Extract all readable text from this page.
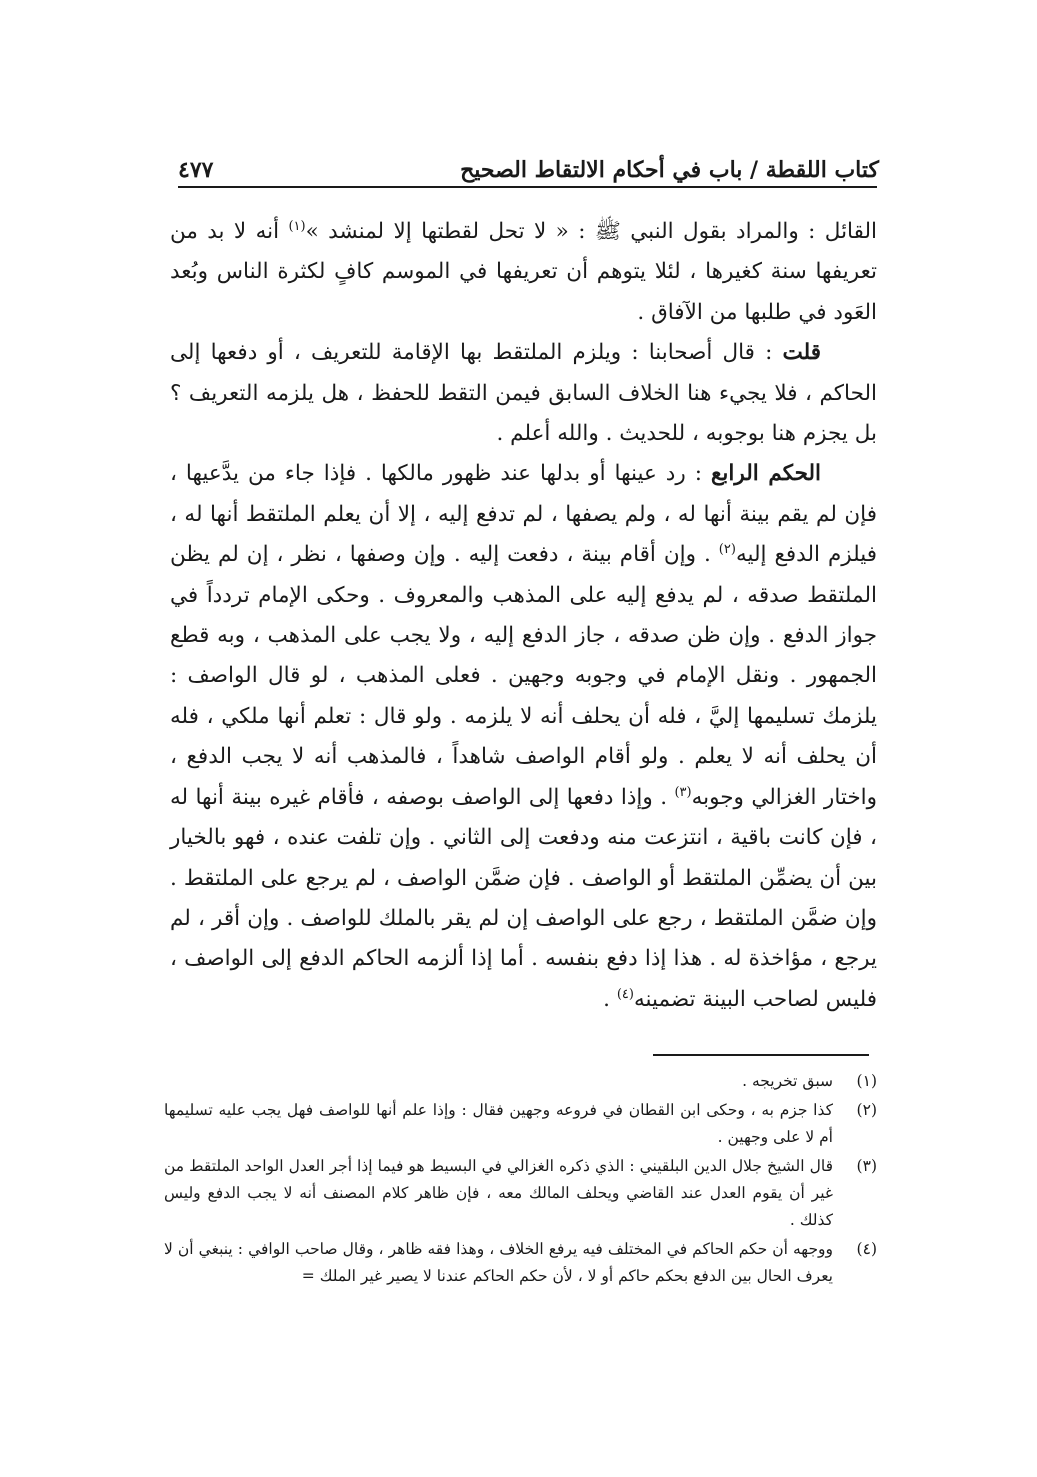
كتاب اللقطة / باب في أحكام الالتقاط الصحيح
٤٧٧

القائل : والمراد بقول النبي ﷺ : « لا تحل لقطتها إلا لمنشد »$^{(١)}$ أنه لا بد من تعريفها سنة كغيرها ، لئلا يتوهم أن تعريفها في الموسم كافٍ لكثرة الناس وبُعد العَود في طلبها من الآفاق .

قلت : قال أصحابنا : ويلزم الملتقط بها الإقامة للتعريف ، أو دفعها إلى الحاكم ، فلا يجيء هنا الخلاف السابق فيمن التقط للحفظ ، هل يلزمه التعريف ؟ بل يجزم هنا بوجوبه ، للحديث . والله أعلم .

الحكم الرابع : رد عينها أو بدلها عند ظهور مالكها . فإذا جاء من يدَّعيها ، فإن لم يقم بينة أنها له ، ولم يصفها ، لم تدفع إليه ، إلا أن يعلم الملتقط أنها له ، فيلزم الدفع إليه$^{(٢)}$ . وإن أقام بينة ، دفعت إليه . وإن وصفها ، نظر ، إن لم يظن الملتقط صدقه ، لم يدفع إليه على المذهب والمعروف . وحكى الإمام تردداً في جواز الدفع . وإن ظن صدقه ، جاز الدفع إليه ، ولا يجب على المذهب ، وبه قطع الجمهور . ونقل الإمام في وجوبه وجهين . فعلى المذهب ، لو قال الواصف : يلزمك تسليمها إليَّ ، فله أن يحلف أنه لا يلزمه . ولو قال : تعلم أنها ملكي ، فله أن يحلف أنه لا يعلم . ولو أقام الواصف شاهداً ، فالمذهب أنه لا يجب الدفع ، واختار الغزالي وجوبه$^{(٣)}$ . وإذا دفعها إلى الواصف بوصفه ، فأقام غيره بينة أنها له ، فإن كانت باقية ، انتزعت منه ودفعت إلى الثاني . وإن تلفت عنده ، فهو بالخيار بين أن يضمِّن الملتقط أو الواصف . فإن ضمَّن الواصف ، لم يرجع على الملتقط . وإن ضمَّن الملتقط ، رجع على الواصف إن لم يقر بالملك للواصف . وإن أقر ، لم يرجع ، مؤاخذة له . هذا إذا دفع بنفسه . أما إذا ألزمه الحاكم الدفع إلى الواصف ، فليس لصاحب البينة تضمينه$^{(٤)}$ .

(١)
سبق تخريجه .
(٢)
كذا جزم به ، وحكى ابن القطان في فروعه وجهين فقال : وإذا علم أنها للواصف فهل يجب عليه تسليمها أم لا على وجهين .
(٣)
قال الشيخ جلال الدين البلقيني : الذي ذكره الغزالي في البسيط هو فيما إذا أجر العدل الواحد الملتقط من غير أن يقوم العدل عند القاضي ويحلف المالك معه ، فإن ظاهر كلام المصنف أنه لا يجب الدفع وليس كذلك .
(٤)
ووجهه أن حكم الحاكم في المختلف فيه يرفع الخلاف ، وهذا فقه ظاهر ، وقال صاحب الوافي : ينبغي أن لا يعرف الحال بين الدفع بحكم حاكم أو لا ، لأن حكم الحاكم عندنا لا يصير غير الملك =
